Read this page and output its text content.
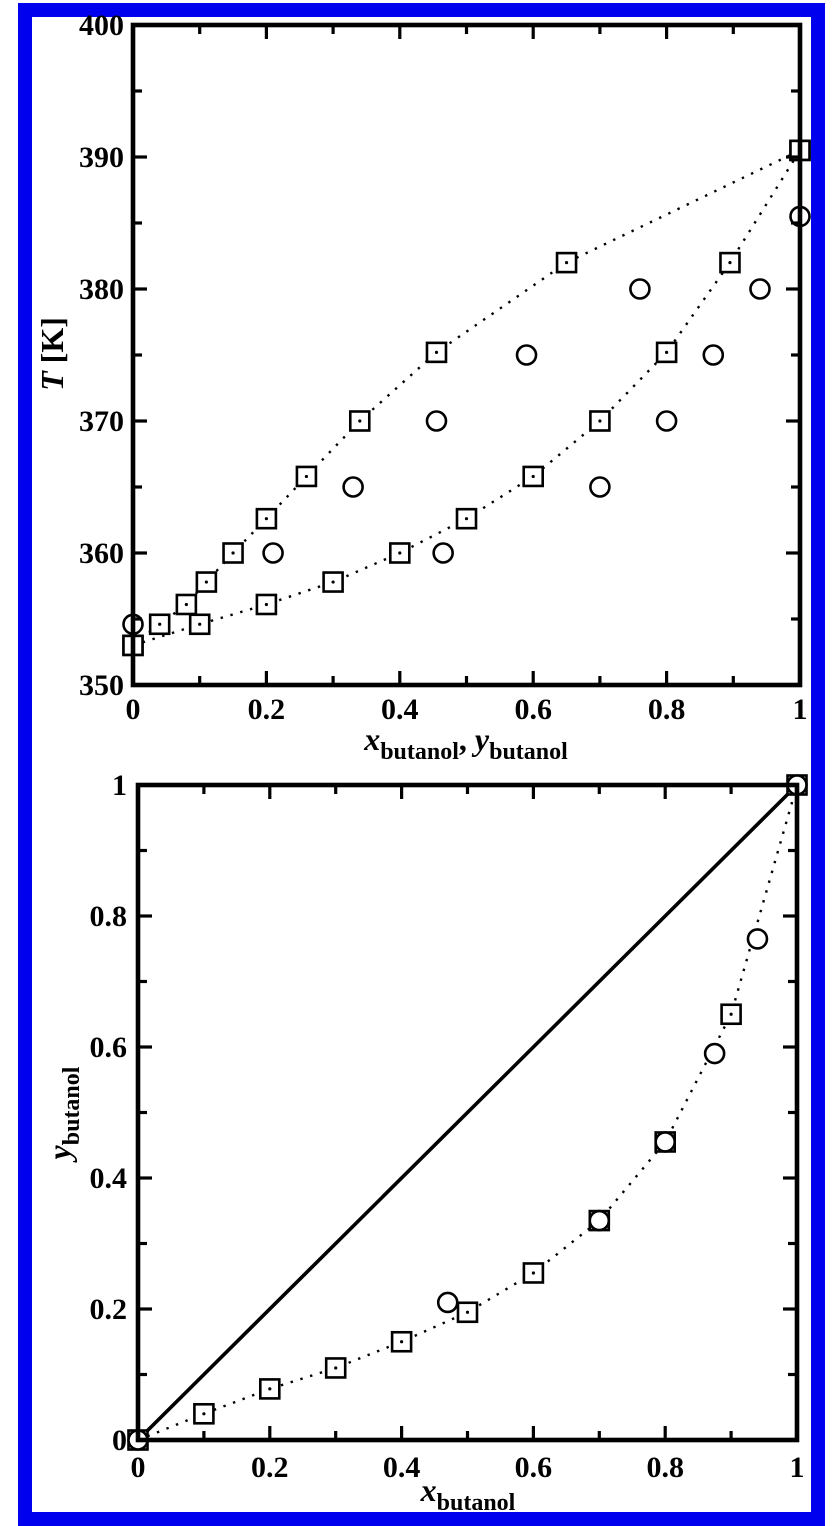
0	0.2	0.4	0.6	0.8	1
350
360
370
380
390
400
$x_{butanol}$, $y_{butanol}$
T [K]
0	0.2	0.4	0.6	0.8	1
0
0.2
0.4
0.6
0.8
1
$x_{butanol}$
$y_{butanol}$
